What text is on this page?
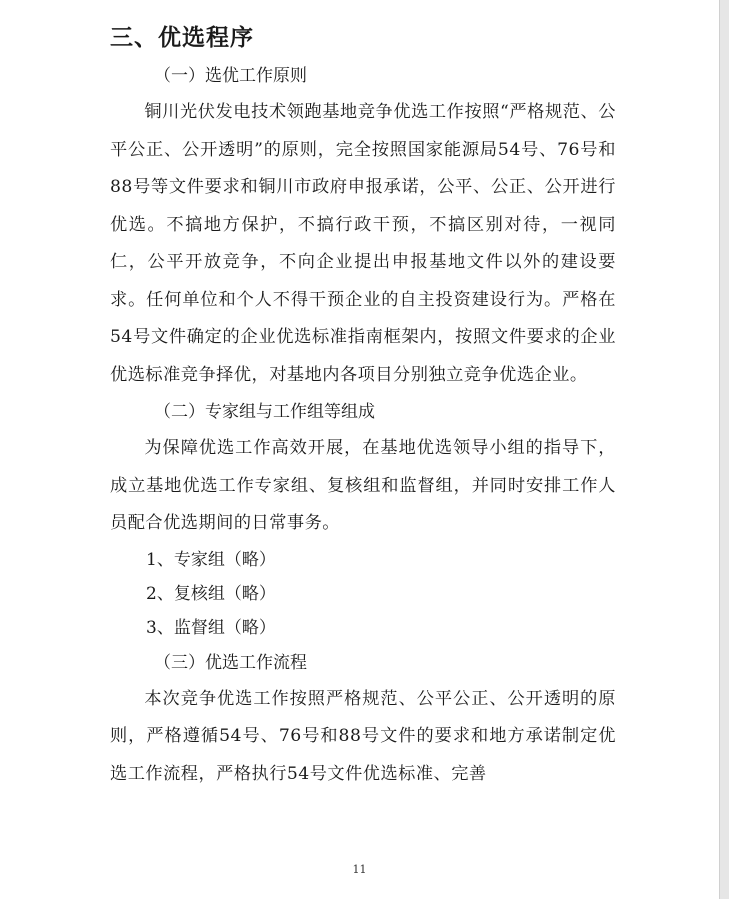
三、优选程序

（一）选优工作原则

铜川光伏发电技术领跑基地竞争优选工作按照“严格规范、公平公正、公开透明”的原则，完全按照国家能源局54号、76号和88号等文件要求和铜川市政府申报承诺，公平、公正、公开进行优选。不搞地方保护，不搞行政干预，不搞区别对待，一视同仁，公平开放竞争，不向企业提出申报基地文件以外的建设要求。任何单位和个人不得干预企业的自主投资建设行为。严格在54号文件确定的企业优选标准指南框架内，按照文件要求的企业优选标准竞争择优，对基地内各项目分别独立竞争优选企业。

（二）专家组与工作组等组成

为保障优选工作高效开展，在基地优选领导小组的指导下，成立基地优选工作专家组、复核组和监督组，并同时安排工作人员配合优选期间的日常事务。

1、专家组（略）

2、复核组（略）

3、监督组（略）

（三）优选工作流程

本次竞争优选工作按照严格规范、公平公正、公开透明的原则，严格遵循54号、76号和88号文件的要求和地方承诺制定优选工作流程，严格执行54号文件优选标准、完善

11
